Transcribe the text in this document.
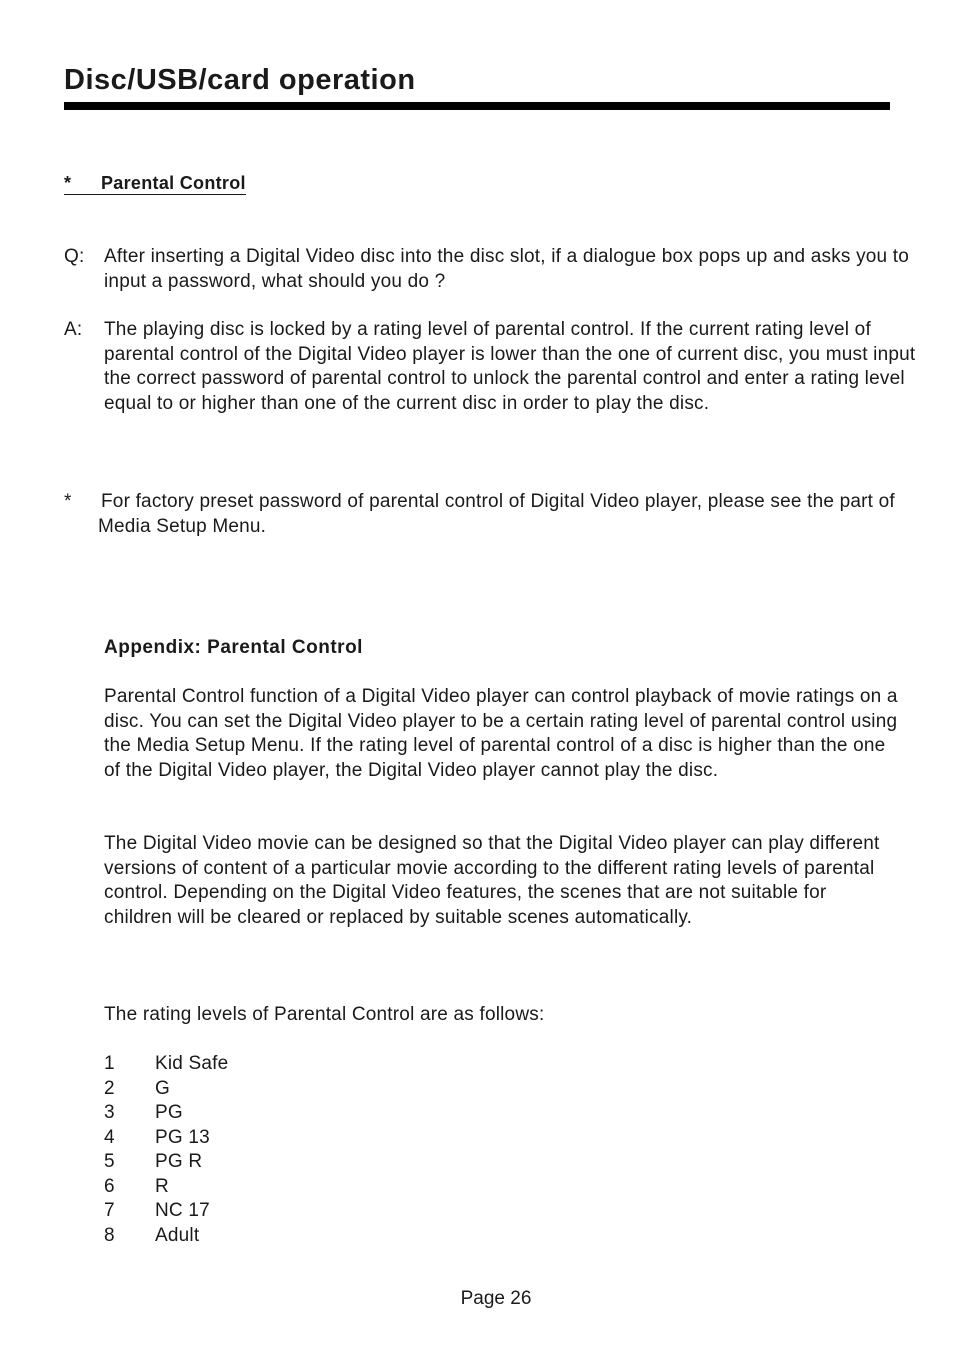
Disc/USB/card operation
* Parental Control
Q: After inserting a Digital Video disc into the disc slot, if a dialogue box pops up and asks you to input a password, what should you do ?
A: The playing disc is locked by a rating level of parental control. If the current rating level of parental control of the Digital Video player is lower than the one of current disc, you must input the correct password of parental control to unlock the parental control and enter a rating level equal to or higher than one of the current disc in order to play the disc.
* For factory preset password of parental control of Digital Video player, please see the part of Media Setup Menu.
Appendix: Parental Control
Parental Control function of a Digital Video player can control playback of movie ratings on a disc. You can set the Digital Video player to be a certain rating level of parental control using the Media Setup Menu. If the rating level of parental control of a disc is higher than the one of the Digital Video player, the Digital Video player cannot play the disc.
The Digital Video movie can be designed so that the Digital Video player can play different versions of content of a particular movie according to the different rating levels of parental control. Depending on the Digital Video features, the scenes that are not suitable for children will be cleared or replaced by suitable scenes automatically.
The rating levels of Parental Control are as follows:
1	Kid Safe
2	G
3	PG
4	PG 13
5	PG R
6	R
7	NC 17
8	Adult
Page 26
